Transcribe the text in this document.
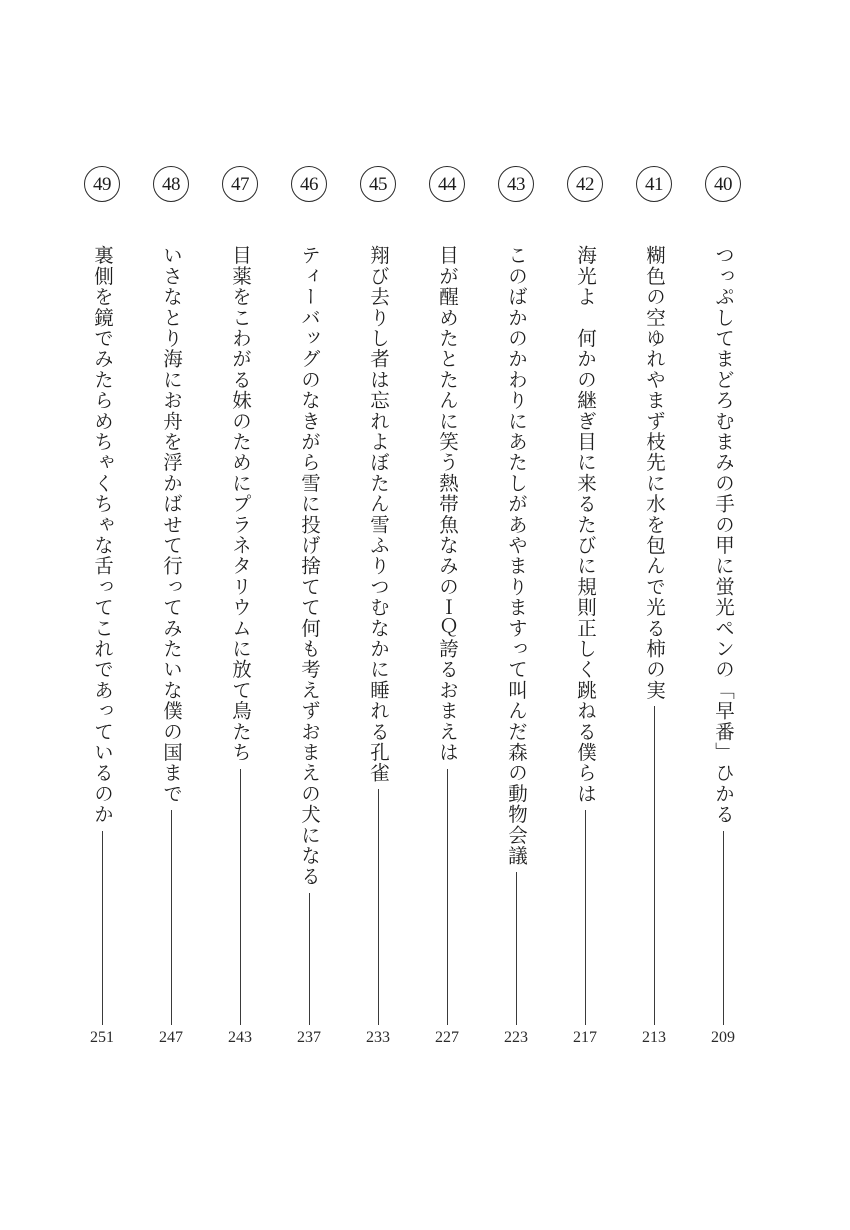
40
つっぷしてまどろむまみの手の甲に蛍光ペンの「早番」ひかる
209
41
糊色の空ゆれやまず枝先に水を包んで光る柿の実
213
42
海光よ　何かの継ぎ目に来るたびに規則正しく跳ねる僕らは
217
43
このばかのかわりにあたしがあやまりますって叫んだ森の動物会議
223
44
目が醒めたとたんに笑う熱帯魚なみのＩＱ誇るおまえは
227
45
翔び去りし者は忘れよぼたん雪ふりつむなかに睡れる孔雀
233
46
ティーバッグのなきがら雪に投げ捨てて何も考えずおまえの犬になる
237
47
目薬をこわがる妹のためにプラネタリウムに放て鳥たち
243
48
いさなとり海にお舟を浮かばせて行ってみたいな僕の国まで
247
49
裏側を鏡でみたらめちゃくちゃな舌ってこれであっているのか
251
